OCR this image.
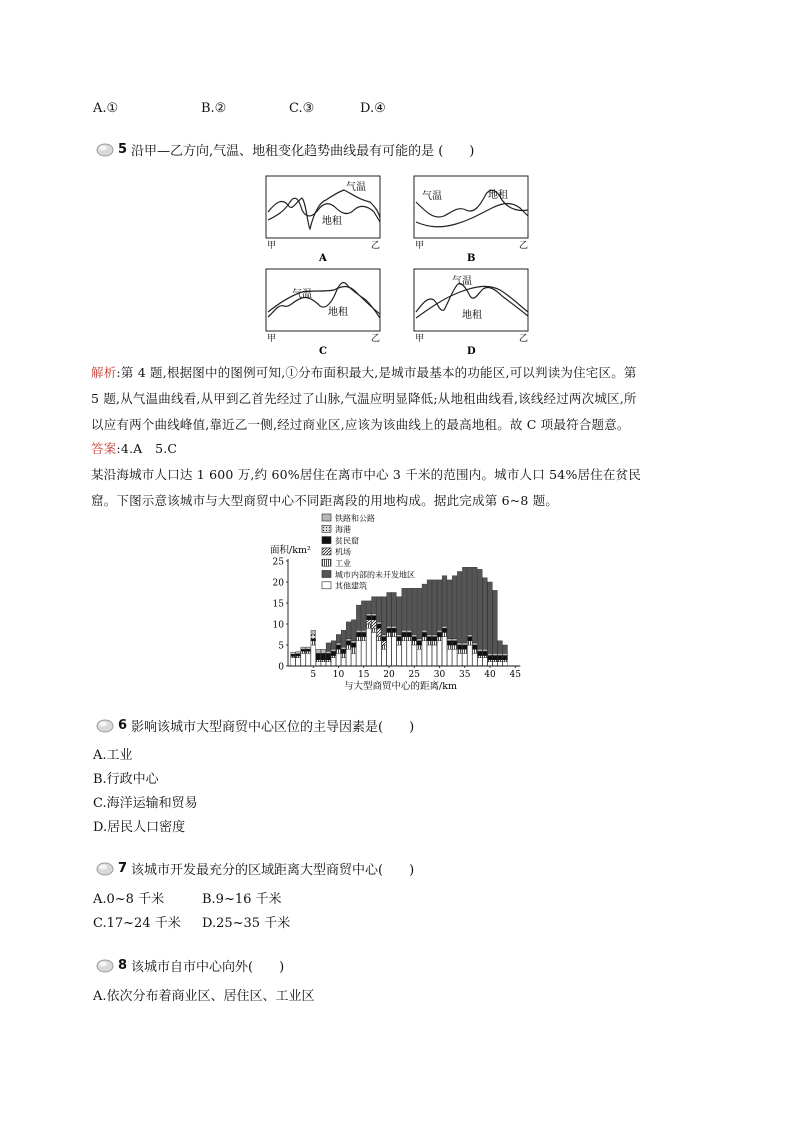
A.①	B.②	C.③	D.④
5 沿甲—乙方向,气温、地租变化趋势曲线最有可能的是 (　　)
气温
地租
甲	乙
A
气温	地租
甲	乙
B
气温
地租
甲	乙
C
气温
地租
甲	乙
D
解析:第 4 题,根据图中的图例可知,①分布面积最大,是城市最基本的功能区,可以判读为住宅区。第
5 题,从气温曲线看,从甲到乙首先经过了山脉,气温应明显降低;从地租曲线看,该线经过两次城区,所
以应有两个曲线峰值,靠近乙一侧,经过商业区,应该为该曲线上的最高地租。故 C 项最符合题意。
答案:4.A　5.C
某沿海城市人口达 1 600 万,约 60%居住在离市中心 3 千米的范围内。城市人口 54%居住在贫民
窟。下图示意该城市与大型商贸中心不同距离段的用地构成。据此完成第 6~8 题。
面积/km²
与大型商贸中心的距离/km
铁路和公路
海港
贫民窟
机场
工业
城市内部的未开发地区
其他建筑
0
5
10
15
20
25
5 10 15 20 25 30 35 40 45
6 影响该城市大型商贸中心区位的主导因素是(　　)
A.工业
B.行政中心
C.海洋运输和贸易
D.居民人口密度
7 该城市开发最充分的区域距离大型商贸中心(　　)
A.0~8 千米	B.9~16 千米
C.17~24 千米 D.25~35 千米
8 该城市自市中心向外(　　)
A.依次分布着商业区、居住区、工业区
